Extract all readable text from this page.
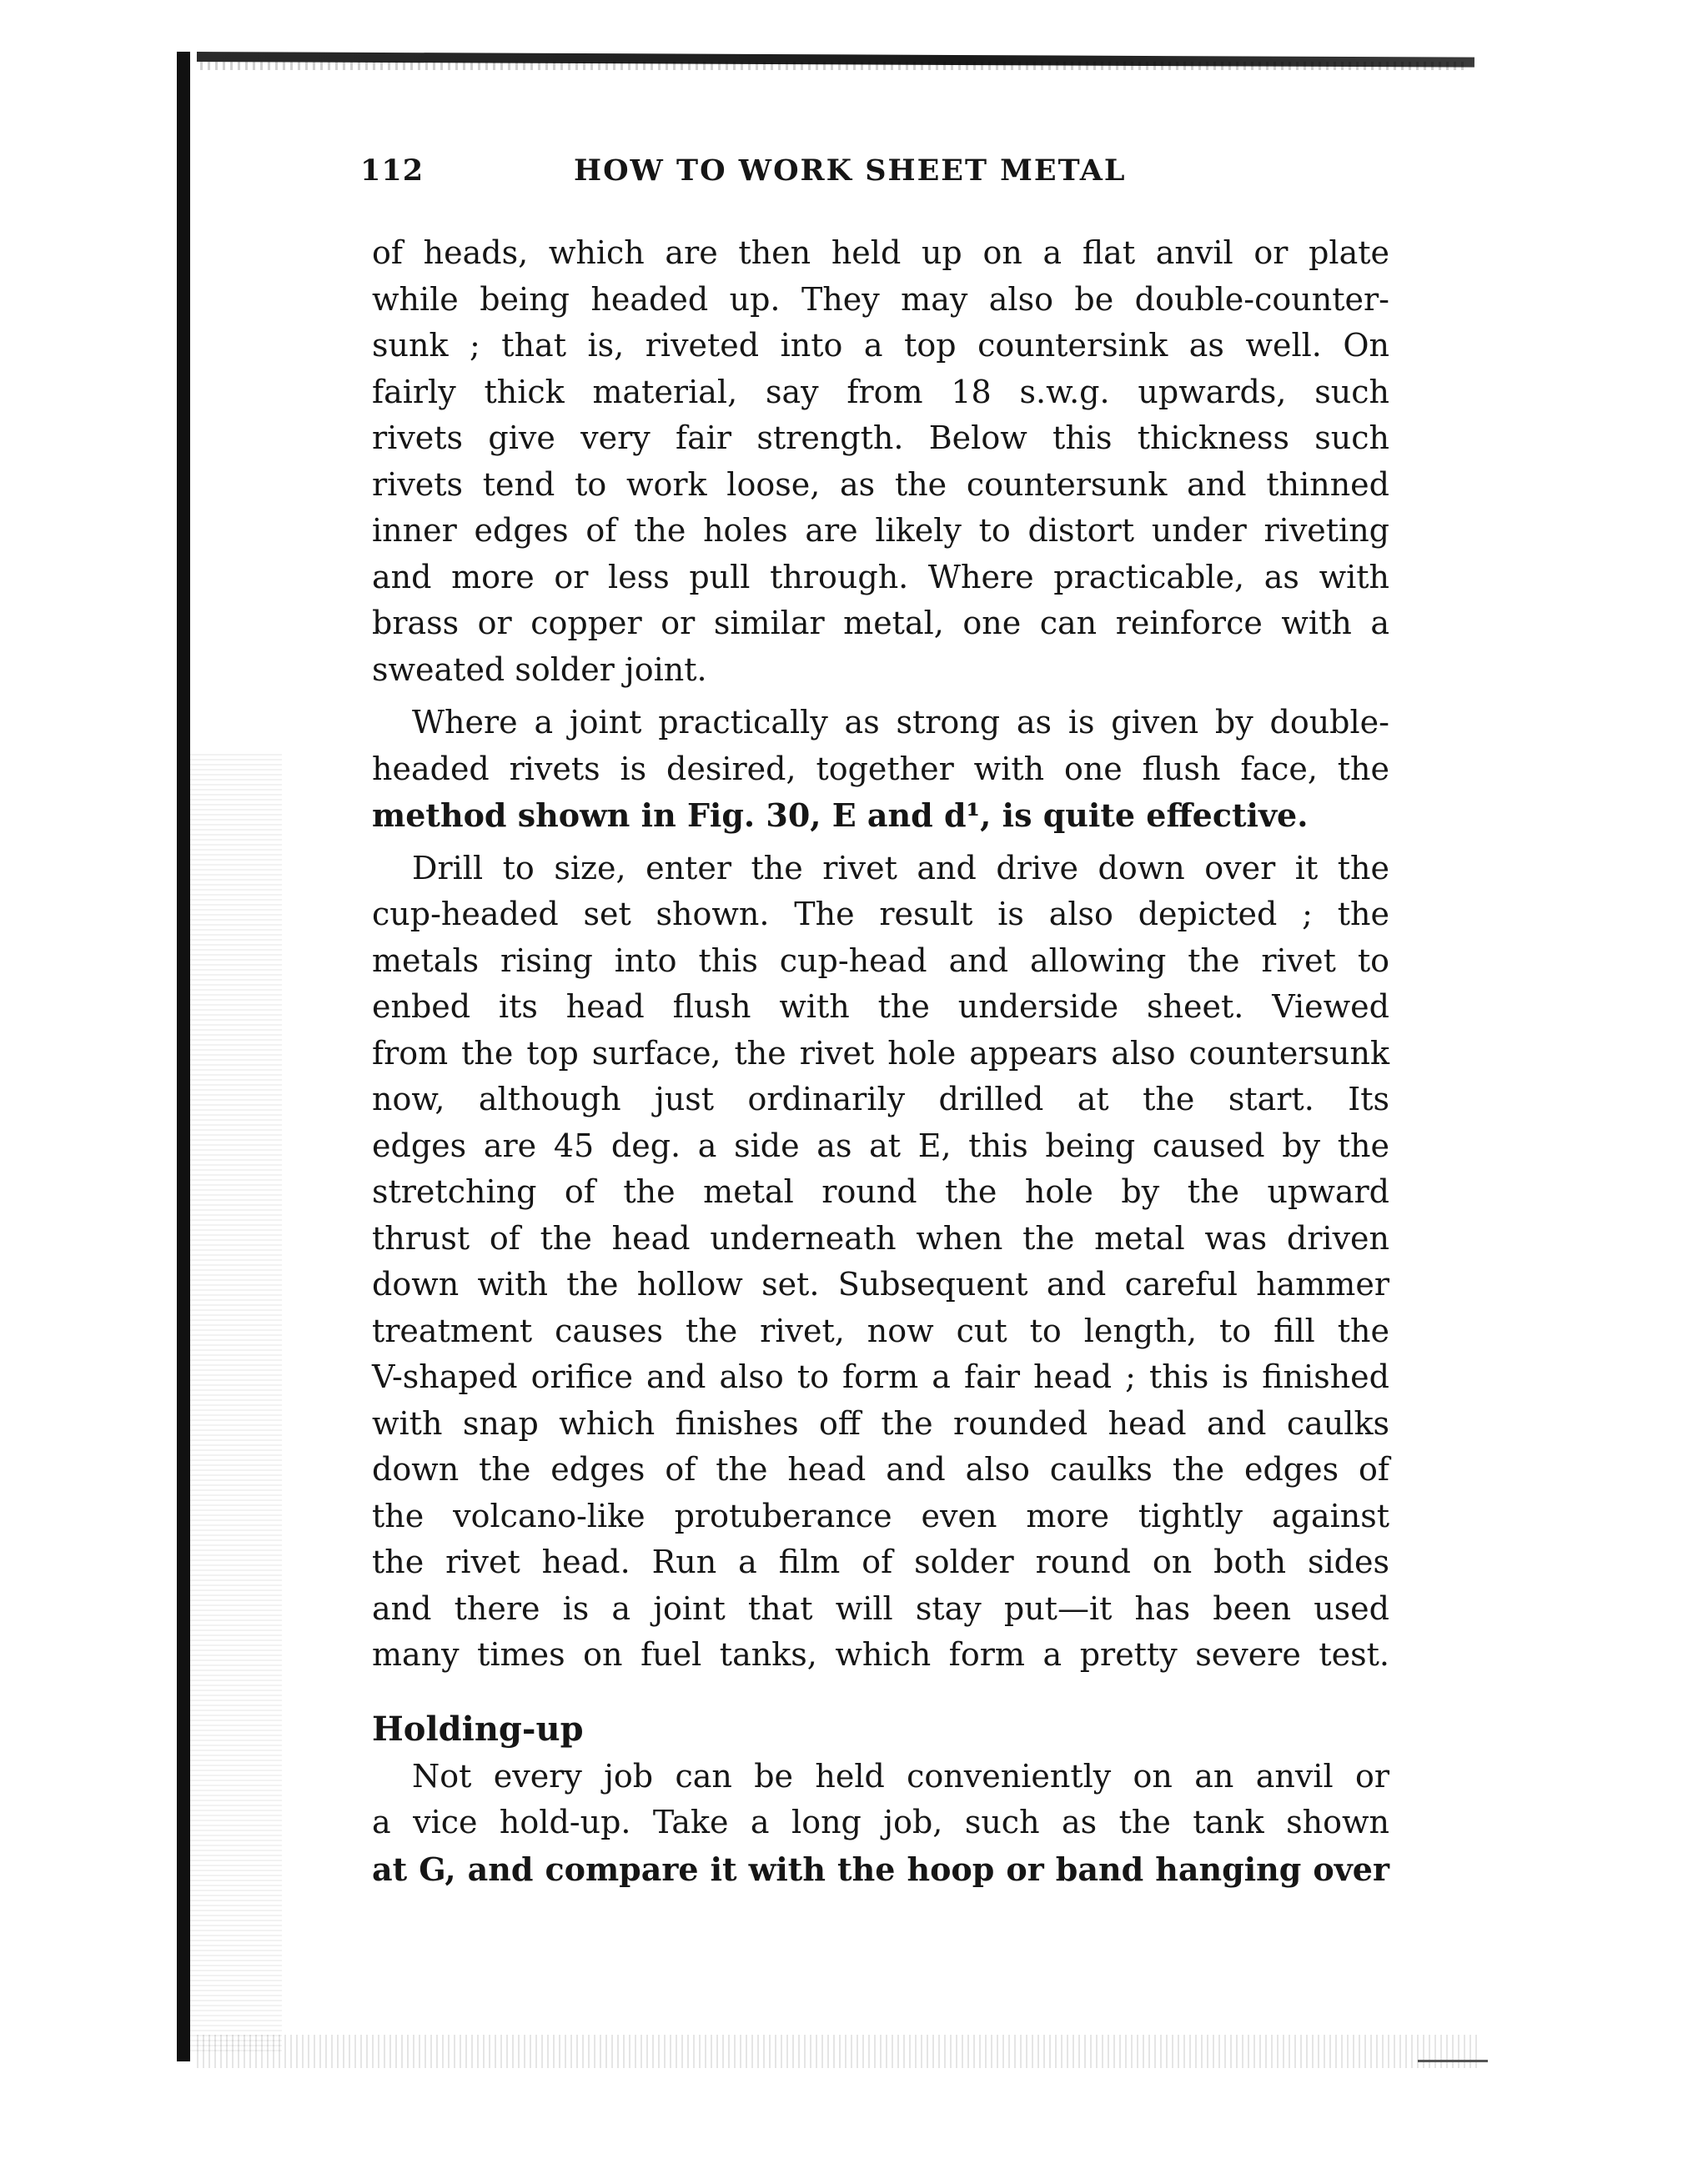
112	HOW TO WORK SHEET METAL
of heads, which are then held up on a flat anvil or plate
while being headed up. They may also be double-counter-
sunk ; that is, riveted into a top countersink as well. On
fairly thick material, say from 18 s.w.g. upwards, such
rivets give very fair strength. Below this thickness such
rivets tend to work loose, as the countersunk and thinned
inner edges of the holes are likely to distort under riveting
and more or less pull through. Where practicable, as with
brass or copper or similar metal, one can reinforce with a
sweated solder joint.
Where a joint practically as strong as is given by double-
headed rivets is desired, together with one flush face, the
method shown in Fig. 30, E and d¹, is quite effective.
Drill to size, enter the rivet and drive down over it the
cup-headed set shown. The result is also depicted ; the
metals rising into this cup-head and allowing the rivet to
enbed its head flush with the underside sheet. Viewed
from the top surface, the rivet hole appears also countersunk
now, although just ordinarily drilled at the start. Its
edges are 45 deg. a side as at E, this being caused by the
stretching of the metal round the hole by the upward
thrust of the head underneath when the metal was driven
down with the hollow set. Subsequent and careful hammer
treatment causes the rivet, now cut to length, to fill the
V-shaped orifice and also to form a fair head ; this is finished
with snap which finishes off the rounded head and caulks
down the edges of the head and also caulks the edges of
the volcano-like protuberance even more tightly against
the rivet head. Run a film of solder round on both sides
and there is a joint that will stay put—it has been used
many times on fuel tanks, which form a pretty severe test.
Holding-up
Not every job can be held conveniently on an anvil or
a vice hold-up. Take a long job, such as the tank shown
at G, and compare it with the hoop or band hanging over
